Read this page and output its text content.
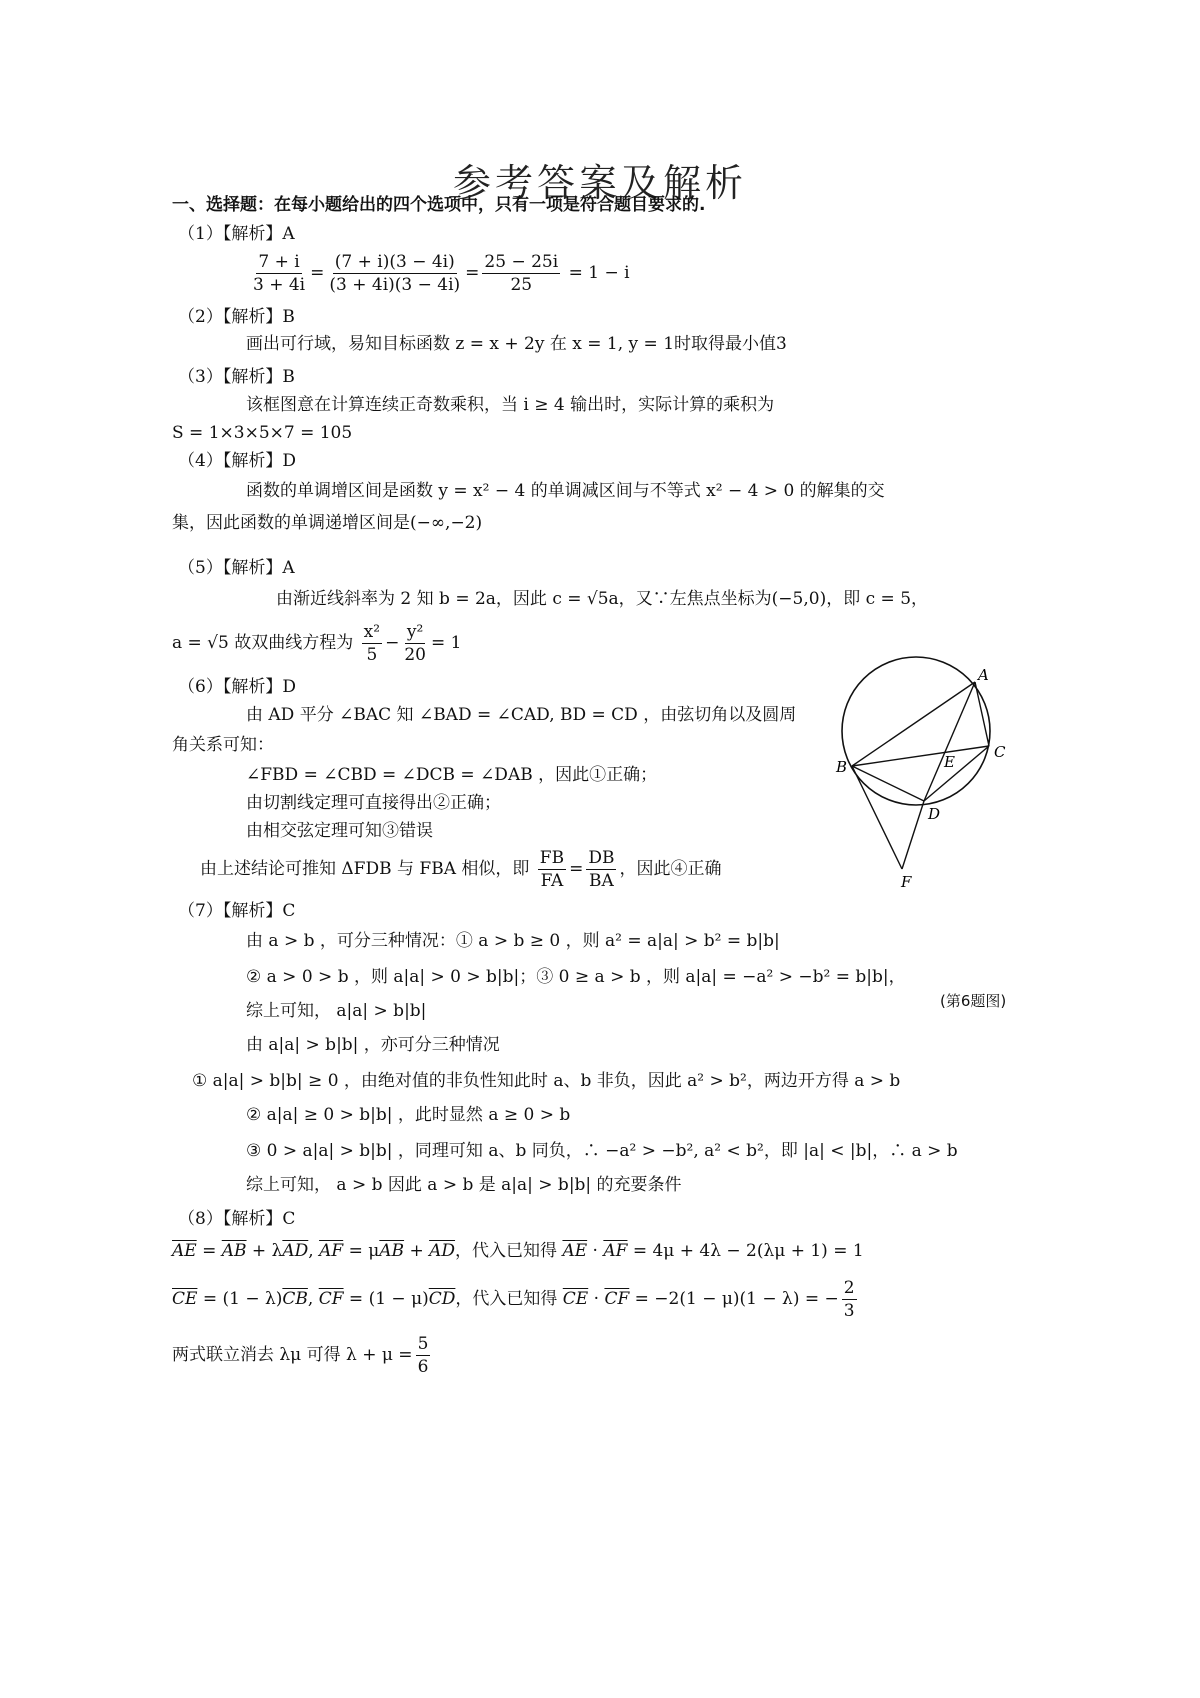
参考答案及解析
一、选择题：在每小题给出的四个选项中，只有一项是符合题目要求的.
（1）【解析】A
$\frac{7 + i}{3 + 4i} = \frac{(7 + i)(3 - 4i)}{(3 + 4i)(3 - 4i)} = \frac{25 - 25i}{25} = 1 - i$
（2）【解析】B
画出可行域，易知目标函数 z = x + 2y 在 x = 1, y = 1时取得最小值3
（3）【解析】B
该框图意在计算连续正奇数乘积，当 i ≥ 4 输出时，实际计算的乘积为
S = 1×3×5×7 = 105
（4）【解析】D
函数的单调增区间是函数 y = x² − 4 的单调减区间与不等式 x² − 4 > 0 的解集的交
集，因此函数的单调递增区间是(−∞,−2)
（5）【解析】A
由渐近线斜率为 2 知 b = 2a，因此 c = √5a，又∵左焦点坐标为(−5,0)，即 c = 5，
a = √5 故双曲线方程为 $\frac{\text{x²}}{5} - \frac{\text{y²}}{20} = 1$
（6）【解析】D
由 AD 平分 ∠BAC 知 ∠BAD = ∠CAD, BD = CD ，由弦切角以及圆周
角关系可知：
∠FBD = ∠CBD = ∠DCB = ∠DAB ，因此①正确；
由切割线定理可直接得出②正确；
由相交弦定理可知③错误
由上述结论可推知 ΔFDB 与 FBA 相似，即 $\frac{FB}{FA} = \frac{DB}{BA}$ ，因此④正确
A
B
C
D
E
F
(第6题图)
（7）【解析】C
由 a > b ，可分三种情况：① a > b ≥ 0 ，则 a² = a|a| > b² = b|b|
② a > 0 > b ，则 a|a| > 0 > b|b|；③ 0 ≥ a > b ，则 a|a| = −a² > −b² = b|b|，
综上可知， a|a| > b|b|
由 a|a| > b|b| ，亦可分三种情况
① a|a| > b|b| ≥ 0 ，由绝对值的非负性知此时 a、b 非负，因此 a² > b²，两边开方得 a > b
② a|a| ≥ 0 > b|b| ，此时显然 a ≥ 0 > b
③ 0 > a|a| > b|b| ，同理可知 a、b 同负，∴ −a² > −b², a² < b²，即 |a| < |b|，∴ a > b
综上可知， a > b 因此 a > b 是 a|a| > b|b| 的充要条件
（8）【解析】C
$\overline{AE} = \overline{AB} + \lambda\overline{AD}$, $\overline{AF} = \mu\overline{AB} + \overline{AD}$，代入已知得 $\overline{AE} \cdot \overline{AF} = 4\mu + 4\lambda - 2(\lambda\mu + 1) = 1$
$\overline{CE} = (1 - \lambda)\overline{CB}$, $\overline{CF} = (1 - \mu)\overline{CD}$，代入已知得 $\overline{CE} \cdot \overline{CF} = -2(1 - \mu)(1 - \lambda)$ = − $\frac{2}{3}$
两式联立消去 λμ 可得 $\lambda + \mu = \frac{5}{6}$
